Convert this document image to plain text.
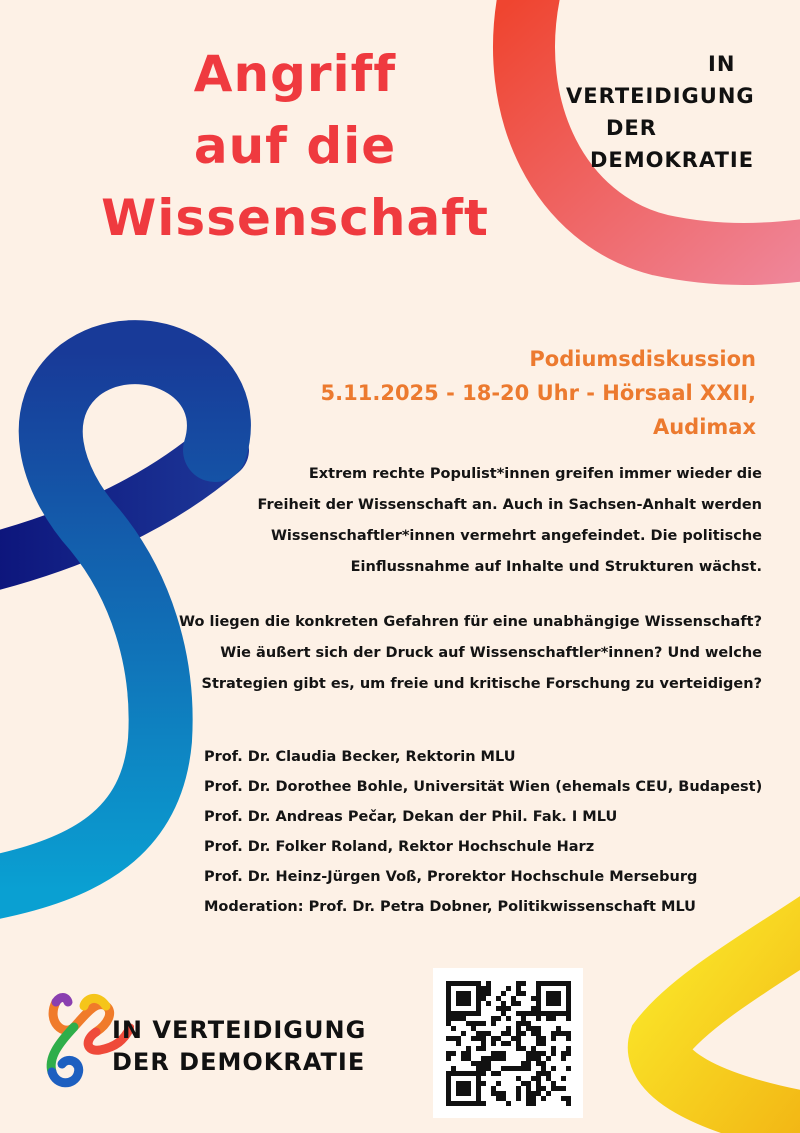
Angriff
auf die
Wissenschaft
IN
VERTEIDIGUNG
DER
DEMOKRATIE
Podiumsdiskussion
5.11.2025 - 18-20 Uhr - Hörsaal XXII,
Audimax
Extrem rechte Populist*innen greifen immer wieder die
Freiheit der Wissenschaft an. Auch in Sachsen-Anhalt werden
Wissenschaftler*innen vermehrt angefeindet. Die politische
Einflussnahme auf Inhalte und Strukturen wächst.
Wo liegen die konkreten Gefahren für eine unabhängige Wissenschaft?
Wie äußert sich der Druck auf Wissenschaftler*innen? Und welche
Strategien gibt es, um freie und kritische Forschung zu verteidigen?
Prof. Dr. Claudia Becker, Rektorin MLU
Prof. Dr. Dorothee Bohle, Universität Wien (ehemals CEU, Budapest)
Prof. Dr. Andreas Pečar, Dekan der Phil. Fak. I MLU
Prof. Dr. Folker Roland, Rektor Hochschule Harz
Prof. Dr. Heinz-Jürgen Voß, Prorektor Hochschule Merseburg
Moderation: Prof. Dr. Petra Dobner, Politikwissenschaft MLU
IN VERTEIDIGUNG
DER DEMOKRATIE
